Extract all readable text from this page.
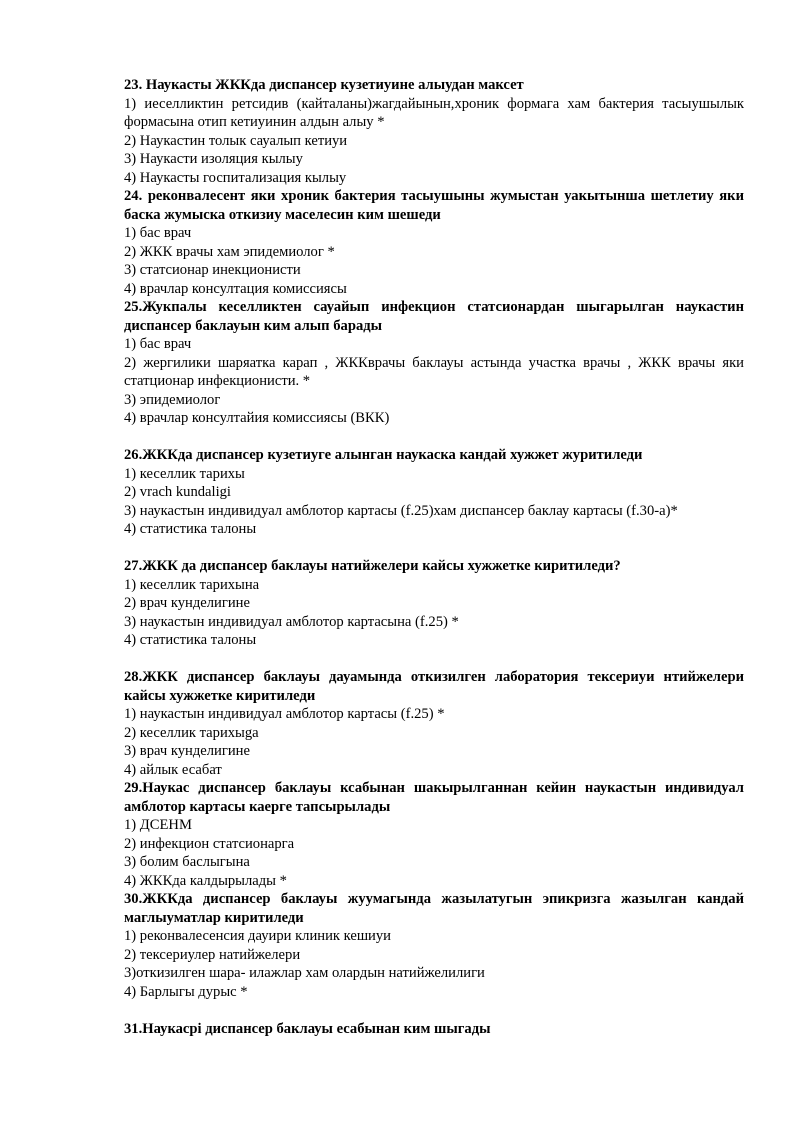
23. Наукасты ЖККда диспансер кузетиуине алыудан максет

1) иеселликтин ретсидив (кайталаны)жагдайынын,хроник формага хам бактерия тасыушылык формасына отип кетиуинин алдын алыу *

2) Наукастин толык сауалып кетиуи

3) Наукасти изоляция кылыу

4) Наукасты госпитализация кылыу

24. реконвалесент яки хроник бактерия тасыушыны жумыстан уакытынша шетлетиу яки баска жумыска откизиу маселесин ким шешеди

1) бас врач

2) ЖКК врачы хам эпидемиолог *

3) статсионар инекционисти

4) врачлар консултация комиссиясы

25.Жукпалы кеселликтен сауайып инфекцион статсионардан шыгарылган наукастин диспансер баклауын ким алып барады

1) бас врач

2) жергилики шаряатка карап , ЖККврачы баклауы астында участка врачы , ЖКК врачы яки статционар инфекционисти. *

3) эпидемиолог

4) врачлар консултайия комиссиясы (ВКК)

26.ЖККда диспансер кузетиуге алынган наукаска кандай хужжет журитиледи

1) кеселлик тарихы

2) vrach kundaligi

3) наукастын индивидуал амблотор картасы (f.25)хам диспансер баклау картасы (f.30-a)*

4) статистика талоны

27.ЖКК да диспансер баклауы натийжелери кайсы хужжетке киритиледи?

1) кеселлик тарихына

2) врач кунделигине

3) наукастын индивидуал амблотор картасына (f.25) *

4) статистика талоны

28.ЖКК диспансер баклауы дауамында откизилген лаборатория тексериуи нтийжелери кайсы хужжетке киритиледи

1) наукастын индивидуал амблотор картасы (f.25) *

2) кеселлик тарихыga

3) врач кунделигине

4) айлык есабат

29.Наукас диспансер баклауы ксабынан шакырылганнан кейин наукастын индивидуал амблотор картасы каерге тапсырылады

1) ДСЕНМ

2) инфекцион статсионарга

3) болим баслыгына

4) ЖККда калдырылады *

30.ЖККда диспансер баклауы жуумагында жазылатугын эпикризга жазылган кандай маглыуматлар киритиледи

1) реконвалесенсия дауири клиник кешиуи

2) тексериулер натийжелери

3)откизилген шара- илажлар хам олардын натийжелилиги

4) Барлыгы дурыс *

31.Наукасрі диспансер баклауы есабынан ким шыгады
